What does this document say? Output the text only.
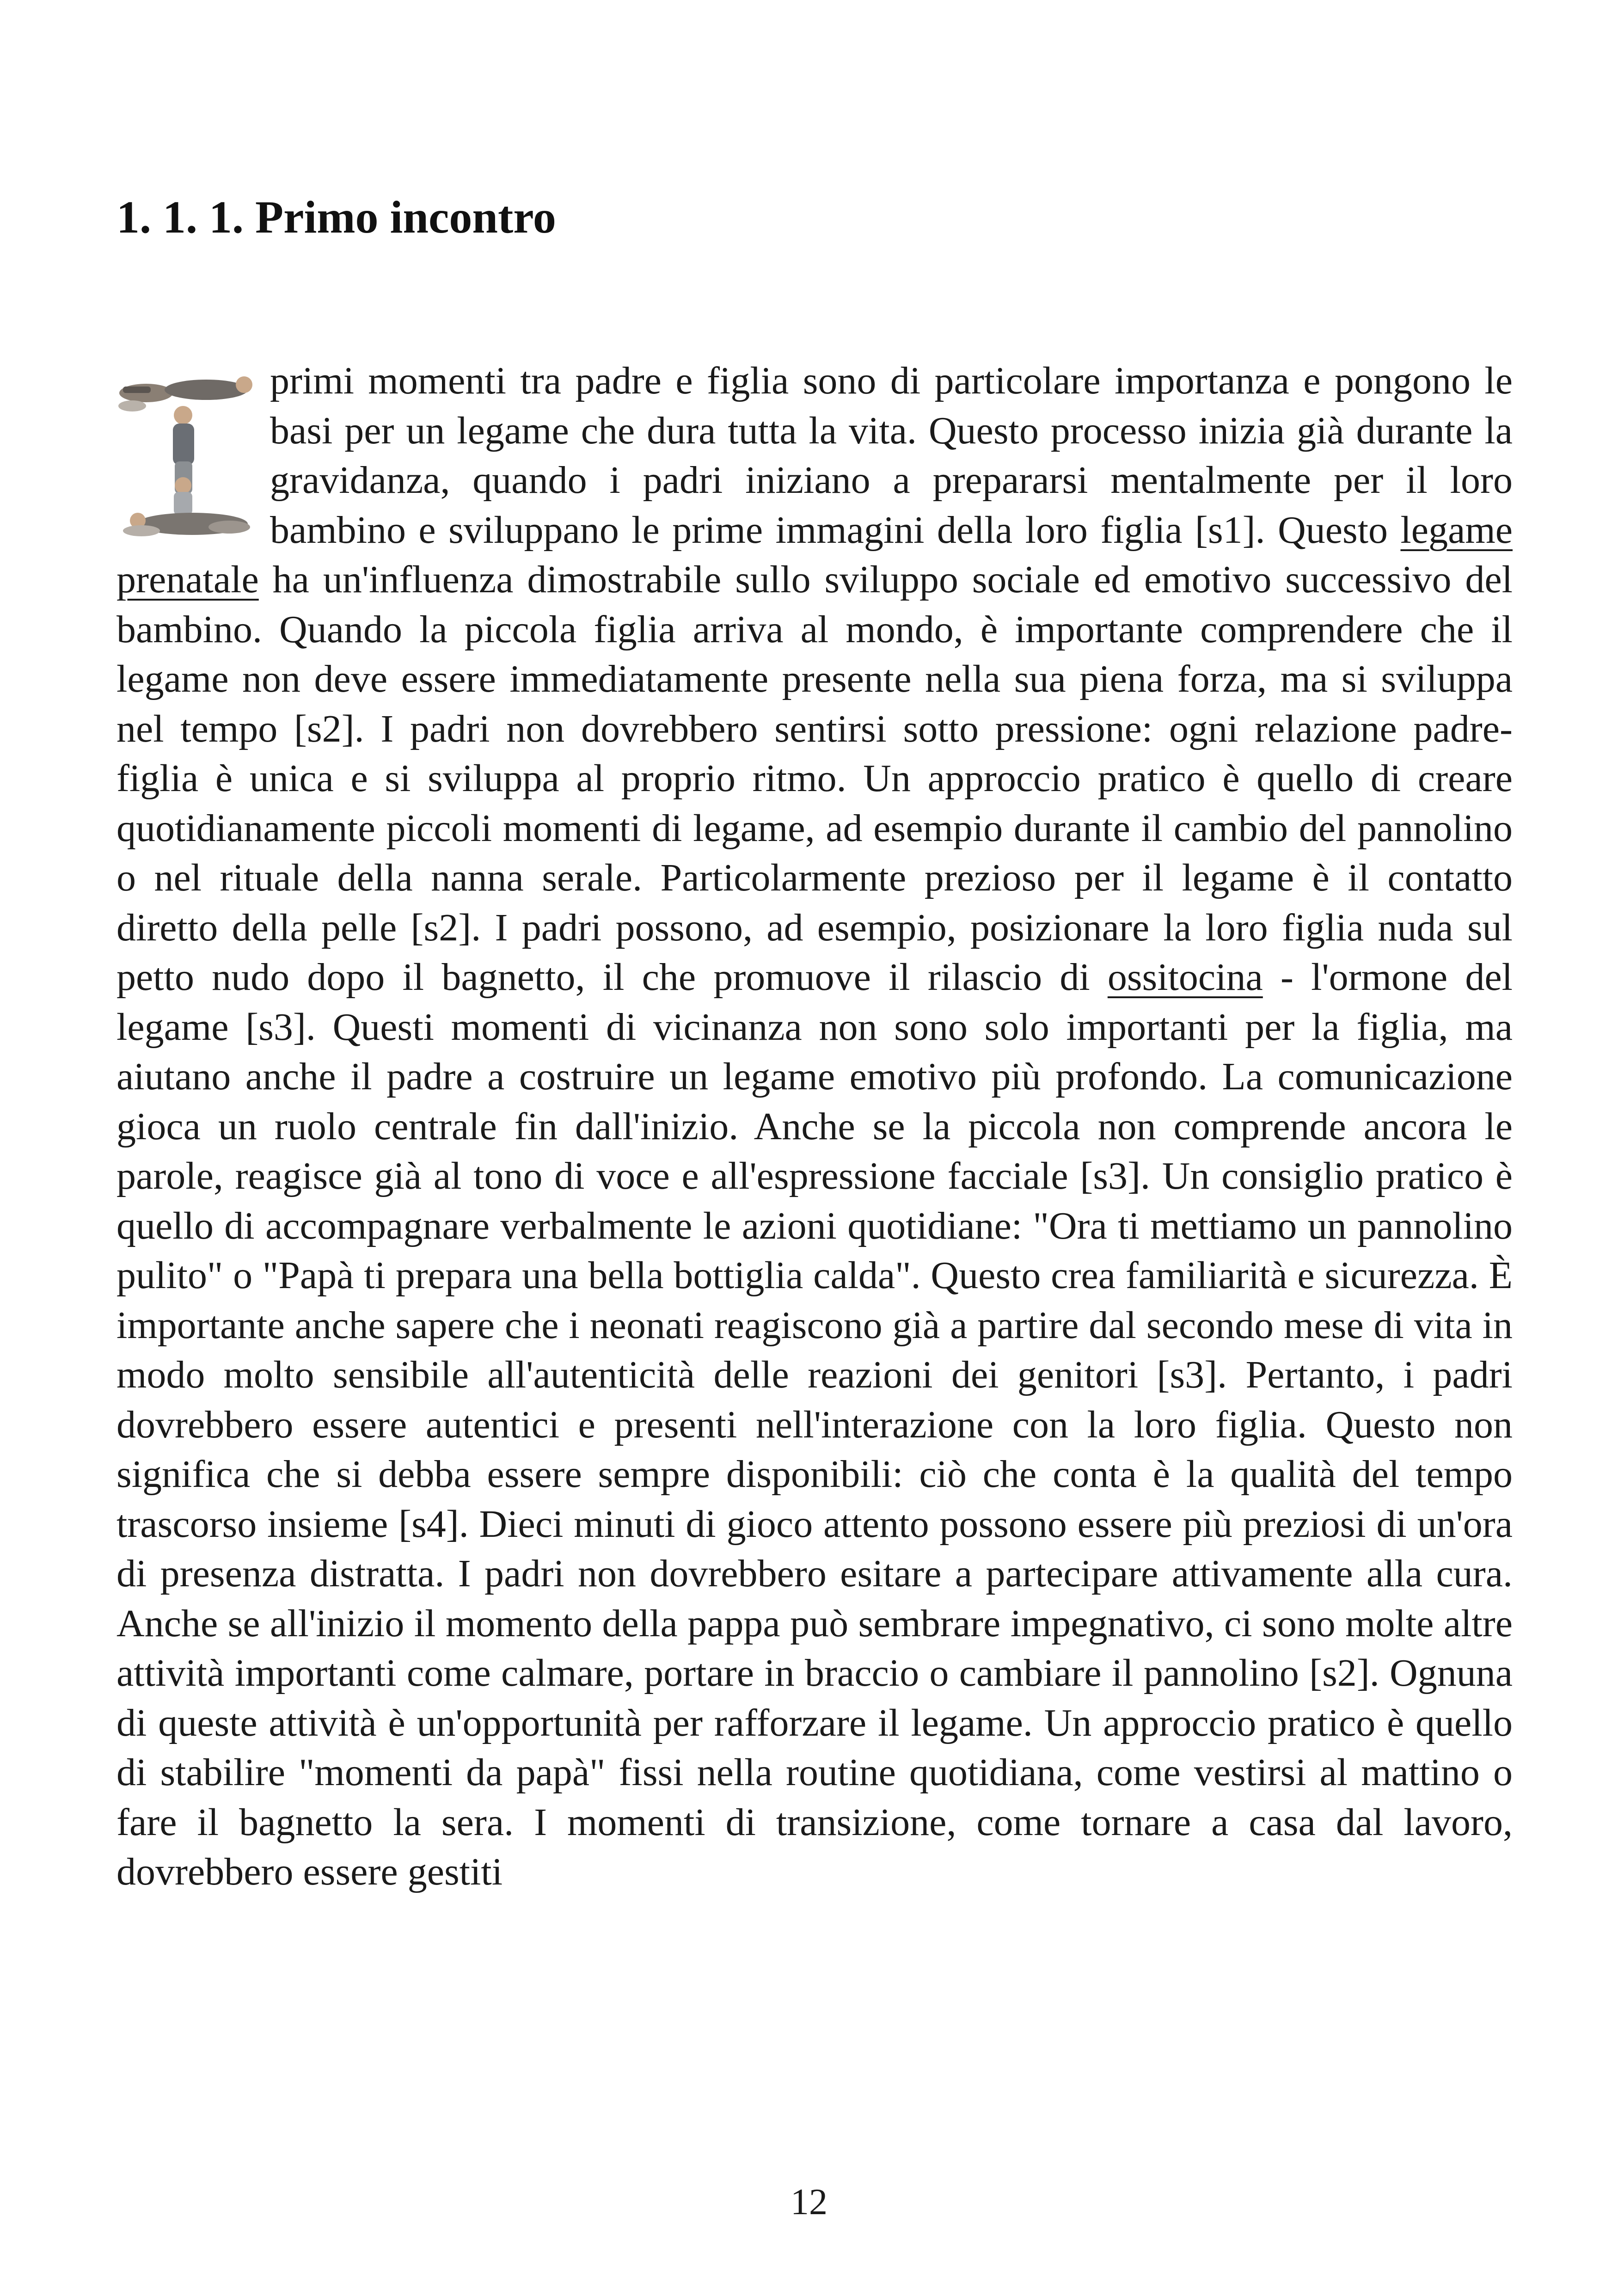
1. 1. 1. Primo incontro

primi momenti tra padre e figlia sono di particolare importanza e pongono le basi per un legame che dura tutta la vita. Questo processo inizia già durante la gravidanza, quando i padri iniziano a prepararsi mentalmente per il loro bambino e sviluppano le prime immagini della loro figlia [s1]. Questo legame prenatale ha un'influenza dimostrabile sullo sviluppo sociale ed emotivo successivo del bambino. Quando la piccola figlia arriva al mondo, è importante comprendere che il legame non deve essere immediatamente presente nella sua piena forza, ma si sviluppa nel tempo [s2]. I padri non dovrebbero sentirsi sotto pressione: ogni relazione padre-figlia è unica e si sviluppa al proprio ritmo. Un approccio pratico è quello di creare quotidianamente piccoli momenti di legame, ad esempio durante il cambio del pannolino o nel rituale della nanna serale. Particolarmente prezioso per il legame è il contatto diretto della pelle [s2]. I padri possono, ad esempio, posizionare la loro figlia nuda sul petto nudo dopo il bagnetto, il che promuove il rilascio di ossitocina - l'ormone del legame [s3]. Questi momenti di vicinanza non sono solo importanti per la figlia, ma aiutano anche il padre a costruire un legame emotivo più profondo. La comunicazione gioca un ruolo centrale fin dall'inizio. Anche se la piccola non comprende ancora le parole, reagisce già al tono di voce e all'espressione facciale [s3]. Un consiglio pratico è quello di accompagnare verbalmente le azioni quotidiane: "Ora ti mettiamo un pannolino pulito" o "Papà ti prepara una bella bottiglia calda". Questo crea familiarità e sicurezza. È importante anche sapere che i neonati reagiscono già a partire dal secondo mese di vita in modo molto sensibile all'autenticità delle reazioni dei genitori [s3]. Pertanto, i padri dovrebbero essere autentici e presenti nell'interazione con la loro figlia. Questo non significa che si debba essere sempre disponibili: ciò che conta è la qualità del tempo trascorso insieme [s4]. Dieci minuti di gioco attento possono essere più preziosi di un'ora di presenza distratta. I padri non dovrebbero esitare a partecipare attivamente alla cura. Anche se all'inizio il momento della pappa può sembrare impegnativo, ci sono molte altre attività importanti come calmare, portare in braccio o cambiare il pannolino [s2]. Ognuna di queste attività è un'opportunità per rafforzare il legame. Un approccio pratico è quello di stabilire "momenti da papà" fissi nella routine quotidiana, come vestirsi al mattino o fare il bagnetto la sera. I momenti di transizione, come tornare a casa dal lavoro, dovrebbero essere gestiti

12
